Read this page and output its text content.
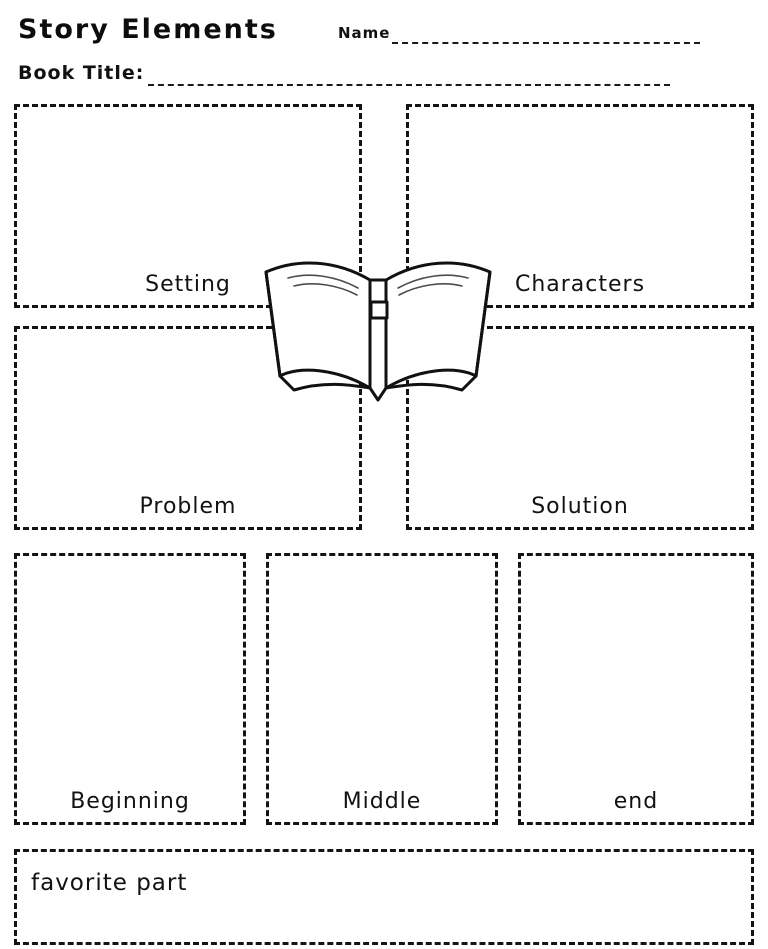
Story Elements	Name
Book Title:
Setting	Characters
Problem	Solution
Beginning	Middle	end
favorite part
